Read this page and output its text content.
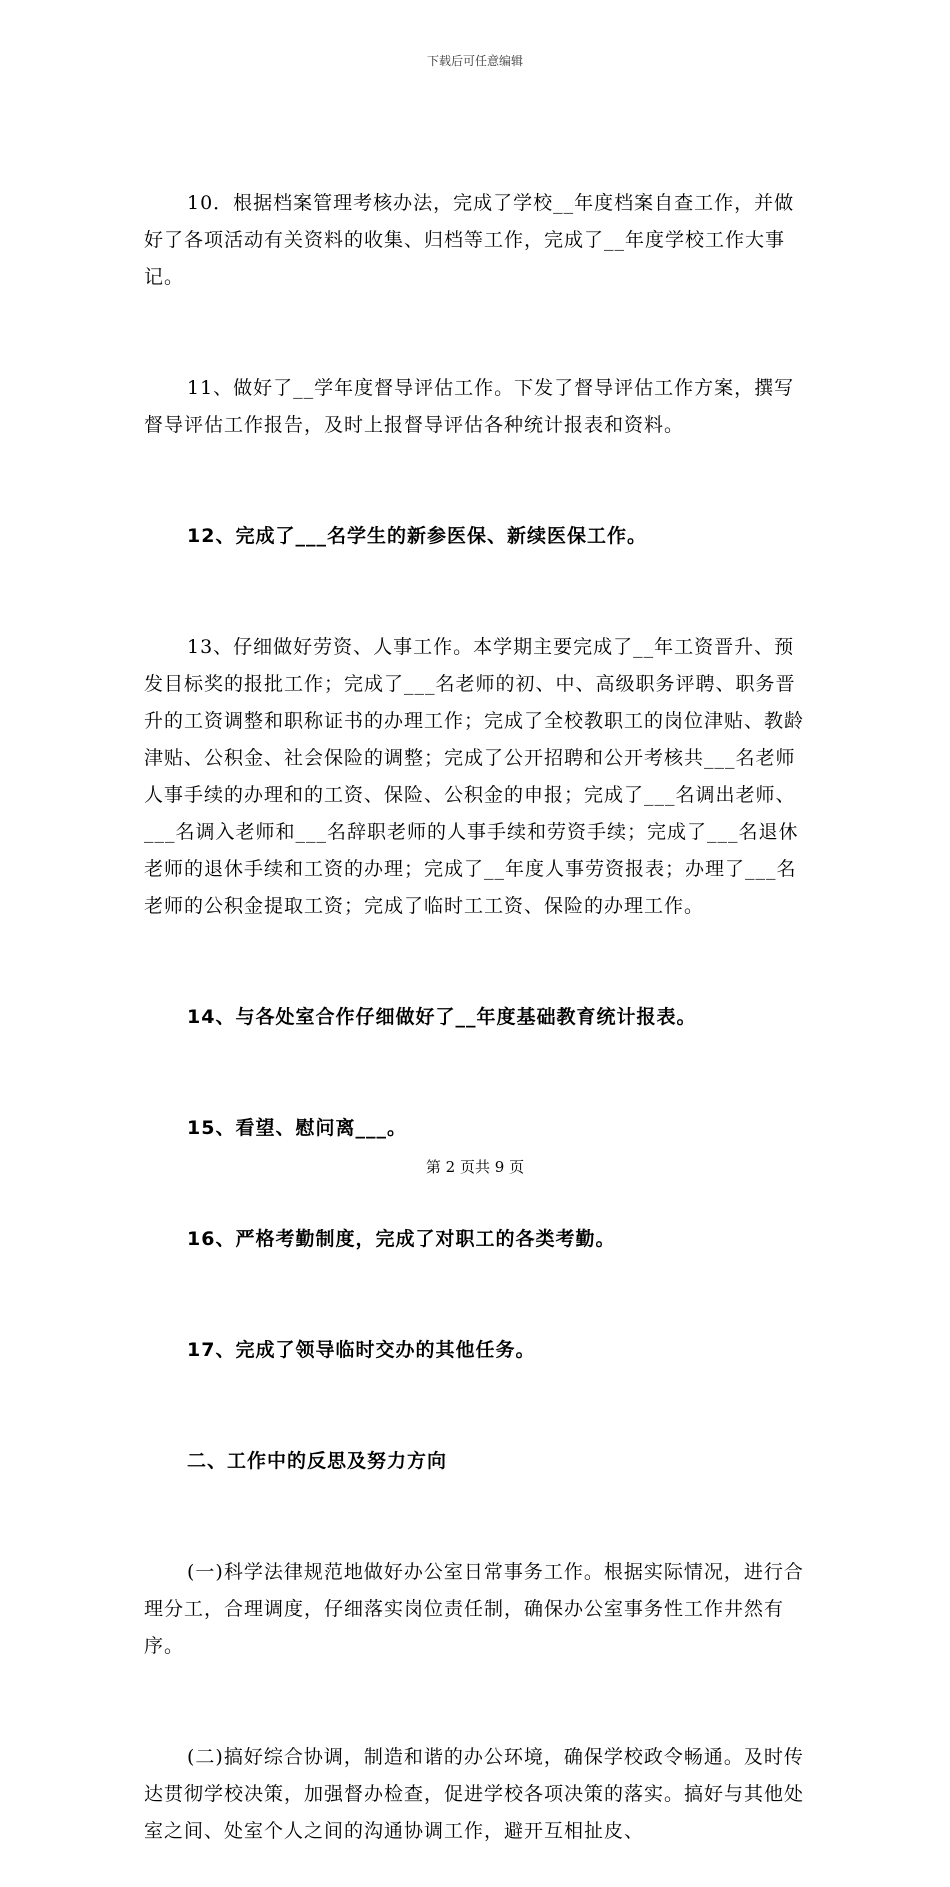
下载后可任意编辑

10．根据档案管理考核办法，完成了学校__年度档案自查工作，并做好了各项活动有关资料的收集、归档等工作，完成了__年度学校工作大事记。

11、做好了__学年度督导评估工作。下发了督导评估工作方案，撰写督导评估工作报告，及时上报督导评估各种统计报表和资料。

12、完成了___名学生的新参医保、新续医保工作。

13、仔细做好劳资、人事工作。本学期主要完成了__年工资晋升、预发目标奖的报批工作；完成了___名老师的初、中、高级职务评聘、职务晋升的工资调整和职称证书的办理工作；完成了全校教职工的岗位津贴、教龄津贴、公积金、社会保险的调整；完成了公开招聘和公开考核共___名老师人事手续的办理和的工资、保险、公积金的申报；完成了___名调出老师、___名调入老师和___名辞职老师的人事手续和劳资手续；完成了___名退休老师的退休手续和工资的办理；完成了__年度人事劳资报表；办理了___名老师的公积金提取工资；完成了临时工工资、保险的办理工作。

14、与各处室合作仔细做好了__年度基础教育统计报表。

15、看望、慰问离___。

16、严格考勤制度，完成了对职工的各类考勤。

17、完成了领导临时交办的其他任务。

二、工作中的反思及努力方向

(一)科学法律规范地做好办公室日常事务工作。根据实际情况，进行合理分工，合理调度，仔细落实岗位责任制，确保办公室事务性工作井然有序。

(二)搞好综合协调，制造和谐的办公环境，确保学校政令畅通。及时传达贯彻学校决策，加强督办检查，促进学校各项决策的落实。搞好与其他处室之间、处室个人之间的沟通协调工作，避开互相扯皮、

第 2 页共 9 页
